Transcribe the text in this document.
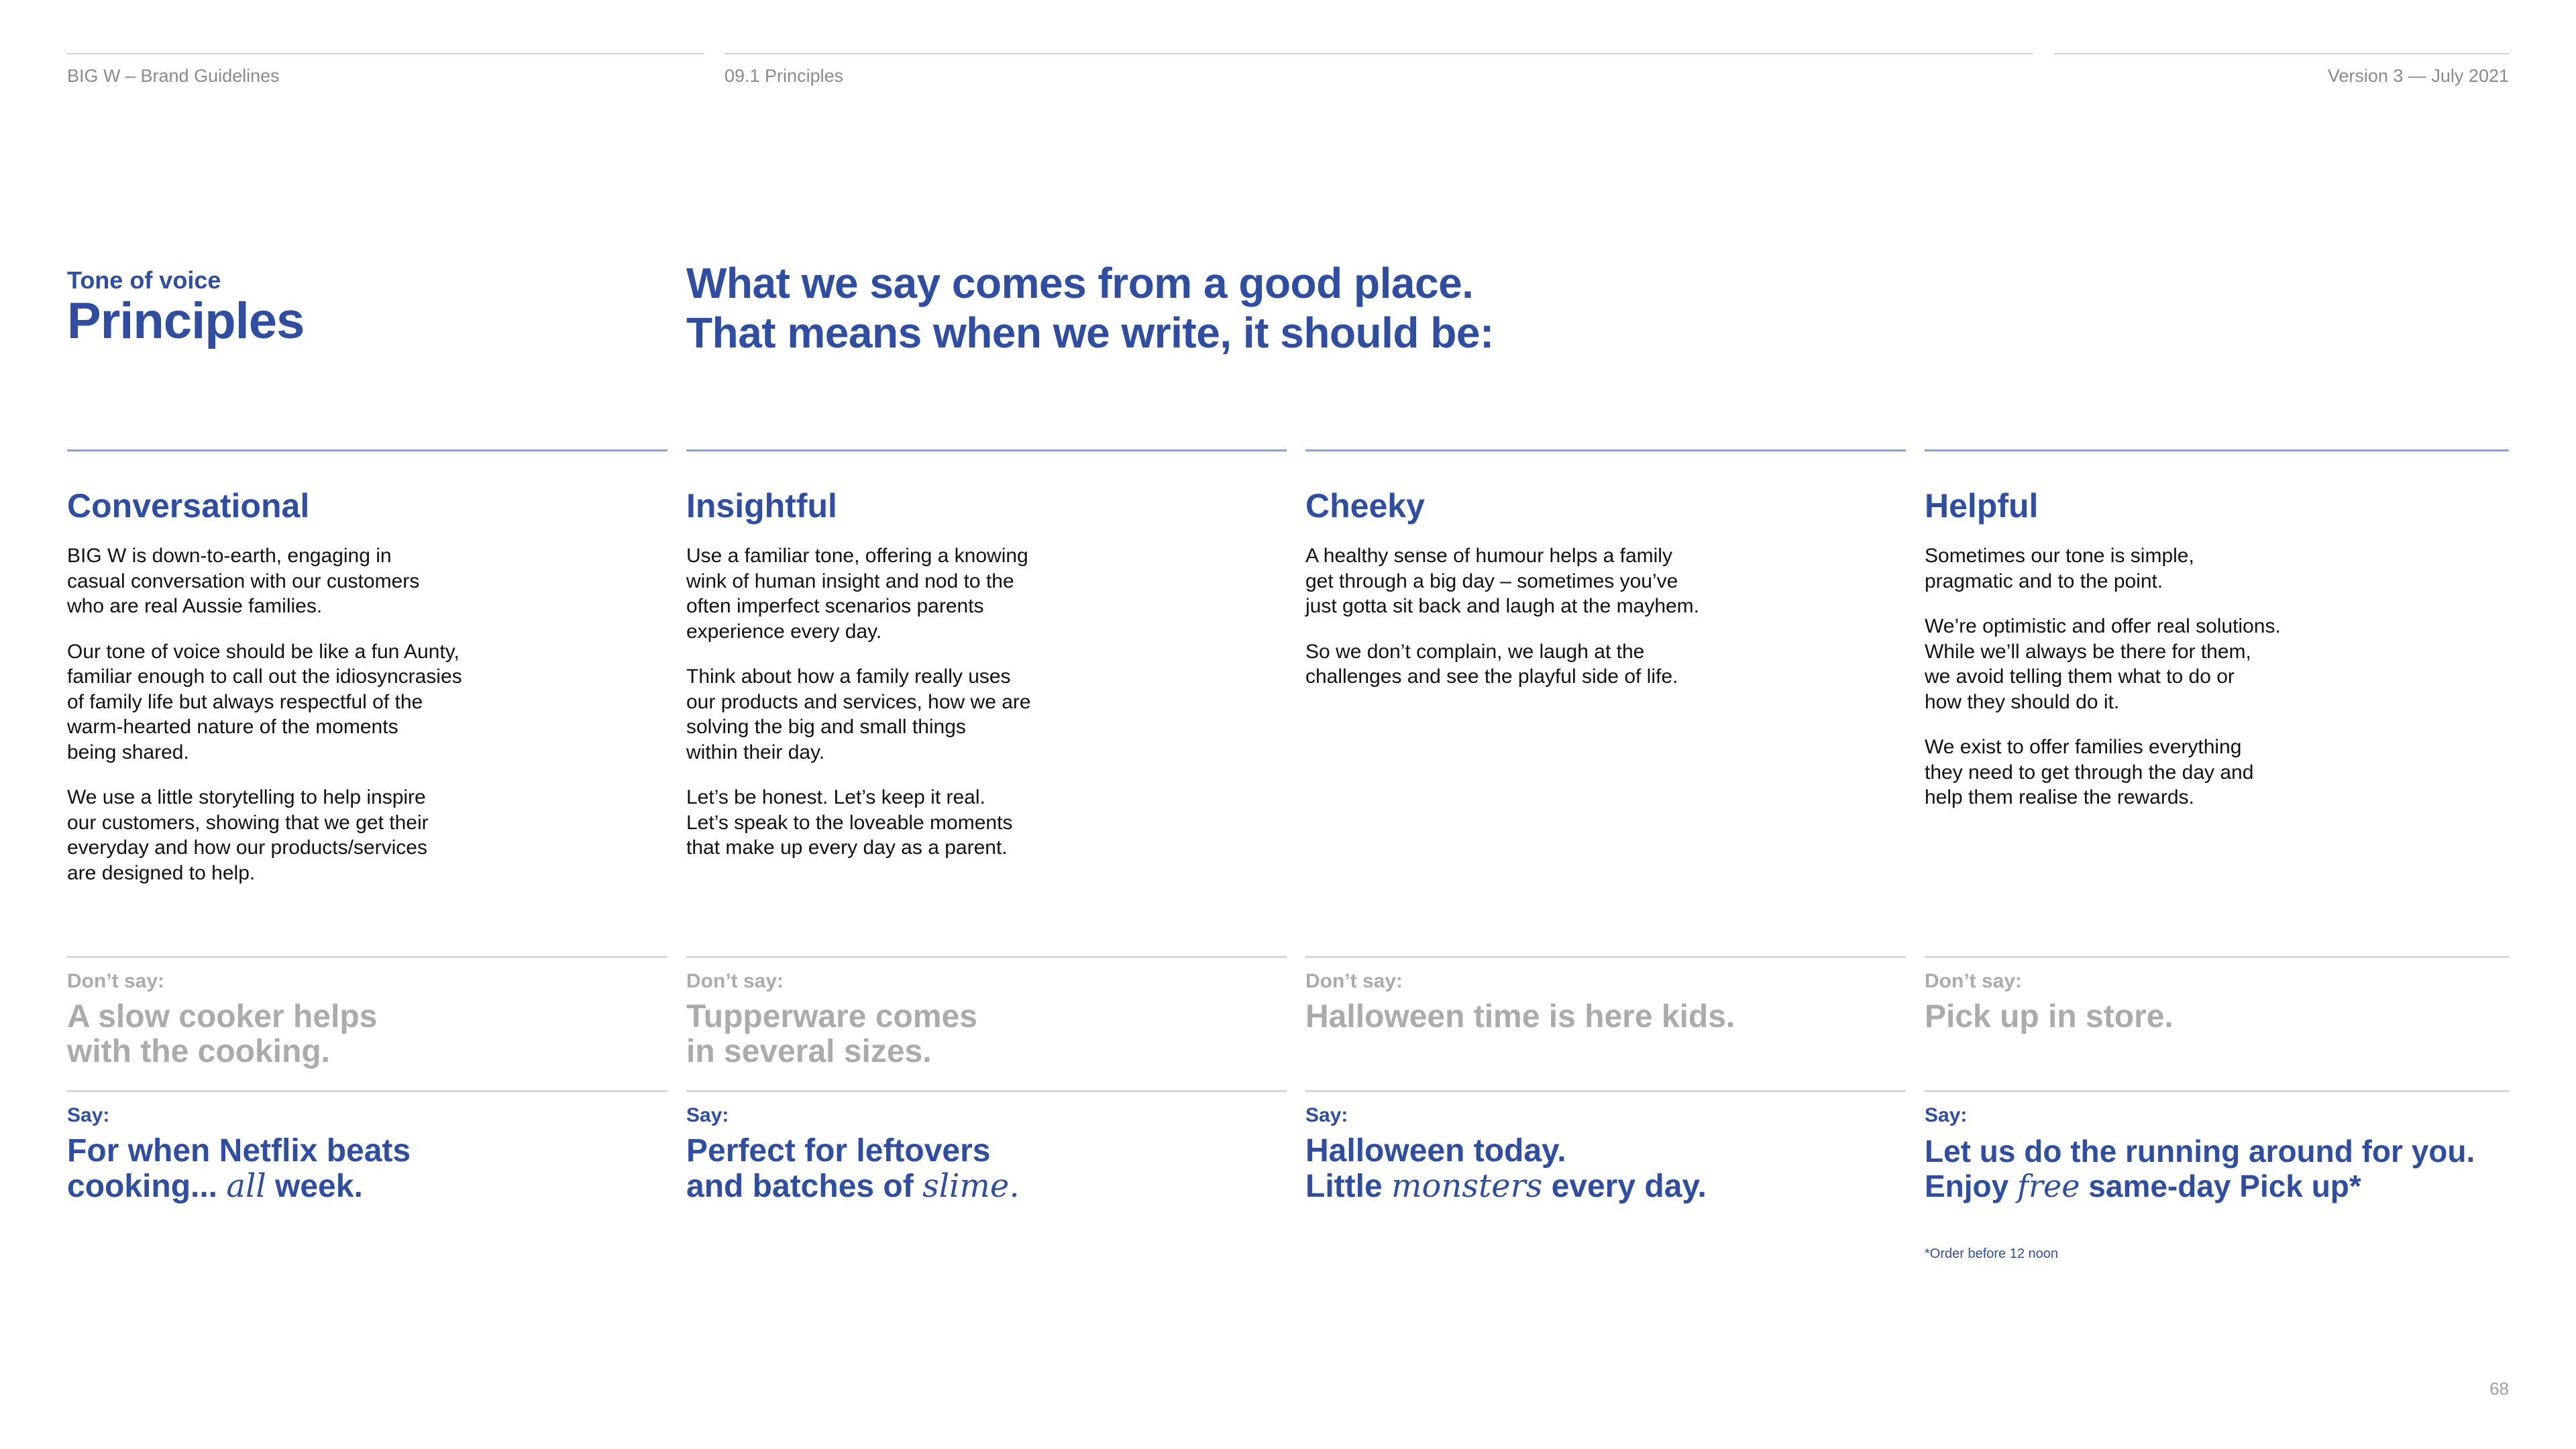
BIG W – Brand Guidelines	09.1 Principles	Version 3 — July 2021
Tone of voice
Principles
What we say comes from a good place.
That means when we write, it should be:
Conversational

BIG W is down-to-earth, engaging in
casual conversation with our customers
who are real Aussie families.

Our tone of voice should be like a fun Aunty,
familiar enough to call out the idiosyncrasies
of family life but always respectful of the
warm-hearted nature of the moments
being shared.

We use a little storytelling to help inspire
our customers, showing that we get their
everyday and how our products/services
are designed to help.

Don’t say:
A slow cooker helps
with the cooking.
Say:
For when Netflix beats
cooking... all week.
Insightful

Use a familiar tone, offering a knowing
wink of human insight and nod to the
often imperfect scenarios parents
experience every day.

Think about how a family really uses
our products and services, how we are
solving the big and small things
within their day.

Let’s be honest. Let’s keep it real.
Let’s speak to the loveable moments
that make up every day as a parent.

Don’t say:
Tupperware comes
in several sizes.
Say:
Perfect for leftovers
and batches of slime.
Cheeky

A healthy sense of humour helps a family
get through a big day – sometimes you’ve
just gotta sit back and laugh at the mayhem.

So we don’t complain, we laugh at the
challenges and see the playful side of life.

Don’t say:
Halloween time is here kids.
Say:
Halloween today.
Little monsters every day.
Helpful

Sometimes our tone is simple,
pragmatic and to the point.

We’re optimistic and offer real solutions.
While we’ll always be there for them,
we avoid telling them what to do or
how they should do it.

We exist to offer families everything
they need to get through the day and
help them realise the rewards.

Don’t say:
Pick up in store.
Say:
Let us do the running around for you.
Enjoy free same-day Pick up*
*Order before 12 noon
68
